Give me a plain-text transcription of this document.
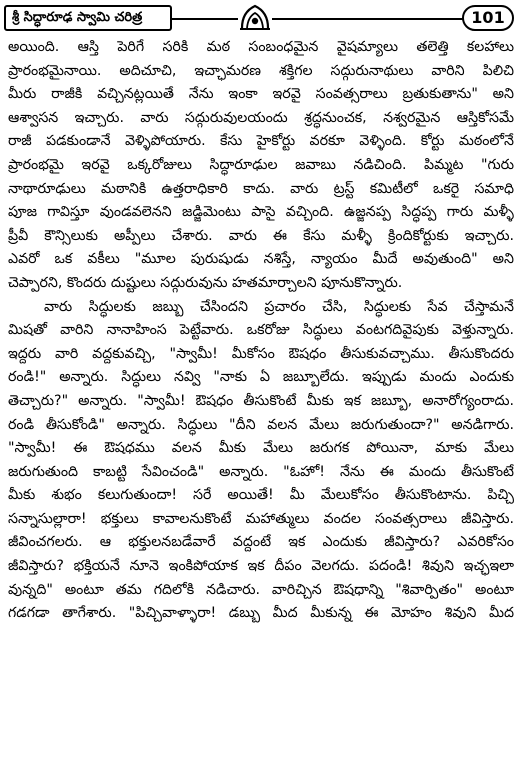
శ్రీ సిద్ధారూఢ స్వామి చరిత్ర	101
అయింది. ఆస్తి పెరిగే సరికి మఠ సంబంధమైన వైషమ్యాలు తలెత్తి కలహాలు
ప్రారంభమైనాయి. అదిచూచి, ఇచ్ఛామరణ శక్తిగల సద్గురునాథులు వారిని పిలిచి
మీరు రాజీకి వచ్చినట్లయితే నేను ఇంకా ఇరవై సంవత్సరాలు బ్రతుకుతాను" అని
ఆశ్వాసన ఇచ్చారు. వారు సద్గురువులయందు శ్రద్ధనుంచక, నశ్వరమైన ఆస్తికోసమే
రాజీ పడకుండానే వెళ్ళిపోయారు. కేసు హైకోర్టు వరకూ వెళ్ళింది. కోర్టు మఠంలోనే
ప్రారంభమై ఇరవై ఒక్కరోజులు సిద్ధారూఢుల జవాబు నడిచింది. పిమ్మట "గురు
నాథారూఢులు మఠానికి ఉత్తరాధికారి కాదు. వారు ట్రస్ట్ కమిటీలో ఒకరై సమాధి
పూజ గావిస్తూ వుండవలెనని జడ్జిమెంటు పాసై వచ్చింది. ఉజ్జనప్ప సిద్ధప్ప గారు మళ్ళీ
ప్రీవీ కౌన్సిలుకు అప్పీలు చేశారు. వారు ఈ కేసు మళ్ళీ క్రిందికోర్టుకు ఇచ్చారు.
ఎవరో ఒక వకీలు "మూల పురుషుడు నశిస్తే, న్యాయం మీదే అవుతుంది" అని
చెప్పారని, కొందరు దుష్టులు సద్గురువును హతమార్చాలని పూనుకొన్నారు.
వారు సిద్ధులకు జబ్బు చేసిందని ప్రచారం చేసి, సిద్ధులకు సేవ చేస్తామనే
మిషతో వారిని నానాహింస పెట్టేవారు. ఒకరోజు సిద్ధులు వంటగదివైపుకు వెళ్తున్నారు.
ఇద్దరు వారి వద్దకువచ్చి, "స్వామీ! మీకోసం ఔషధం తీసుకువచ్చాము. తీసుకొందరు
రండి!" అన్నారు. సిద్ధులు నవ్వి "నాకు ఏ జబ్బూలేదు. ఇప్పుడు మందు ఎందుకు
తెచ్చారు?" అన్నారు. "స్వామీ! ఔషధం తీసుకొంటే మీకు ఇక జబ్బూ, అనారోగ్యంరాదు.
రండి తీసుకోండి" అన్నారు. సిద్ధులు "దీని వలన మేలు జరుగుతుందా?" అనడిగారు.
"స్వామీ! ఈ ఔషధము వలన మీకు మేలు జరుగక పోయినా, మాకు మేలు
జరుగుతుంది కాబట్టి సేవించండి" అన్నారు. "ఓహో! నేను ఈ మందు తీసుకొంటే
మీకు శుభం కలుగుతుందా! సరే అయితే! మీ మేలుకోసం తీసుకొంటాను. పిచ్చి
సన్నాసుల్లారా! భక్తులు కావాలనుకొంటే మహాత్ములు వందల సంవత్సరాలు జీవిస్తారు.
జీవించగలరు. ఆ భక్తులనబడేవారే వద్దంటే ఇక ఎందుకు జీవిస్తారు? ఎవరికోసం
జీవిస్తారు? భక్తియనే నూనె ఇంకిపోయాక ఇక దీపం వెలగదు. పదండి! శివుని ఇచ్ఛఇలా
వున్నది" అంటూ తమ గదిలోకి నడిచారు. వారిచ్చిన ఔషధాన్ని "శివార్పితం" అంటూ
గడగడా తాగేశారు. "పిచ్చివాళ్ళారా! డబ్బు మీద మీకున్న ఈ మోహం శివుని మీద
